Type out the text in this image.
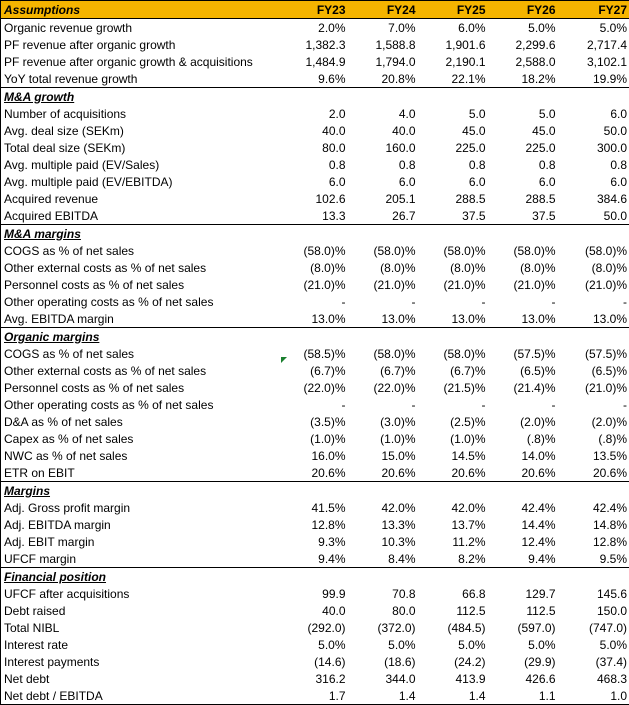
Assumptions	FY23	FY24	FY25	FY26	FY27
Organic revenue growth	2.0%	7.0%	6.0%	5.0%	5.0%
PF revenue after organic growth	1,382.3	1,588.8	1,901.6	2,299.6	2,717.4
PF revenue after organic growth & acquisitions	1,484.9	1,794.0	2,190.1	2,588.0	3,102.1
YoY total revenue growth	9.6%	20.8%	22.1%	18.2%	19.9%
M&A growth					
Number of acquisitions	2.0	4.0	5.0	5.0	6.0
Avg. deal size (SEKm)	40.0	40.0	45.0	45.0	50.0
Total deal size (SEKm)	80.0	160.0	225.0	225.0	300.0
Avg. multiple paid (EV/Sales)	0.8	0.8	0.8	0.8	0.8
Avg. multiple paid (EV/EBITDA)	6.0	6.0	6.0	6.0	6.0
Acquired revenue	102.6	205.1	288.5	288.5	384.6
Acquired EBITDA	13.3	26.7	37.5	37.5	50.0
M&A margins					
COGS as % of net sales	(58.0)%	(58.0)%	(58.0)%	(58.0)%	(58.0)%
Other external costs as % of net sales	(8.0)%	(8.0)%	(8.0)%	(8.0)%	(8.0)%
Personnel costs as % of net sales	(21.0)%	(21.0)%	(21.0)%	(21.0)%	(21.0)%
Other operating costs as % of net sales	-	-	-	-	-
Avg. EBITDA margin	13.0%	13.0%	13.0%	13.0%	13.0%
Organic margins					
COGS as % of net sales	(58.5)%	(58.0)%	(58.0)%	(57.5)%	(57.5)%
Other external costs as % of net sales	(6.7)%	(6.7)%	(6.7)%	(6.5)%	(6.5)%
Personnel costs as % of net sales	(22.0)%	(22.0)%	(21.5)%	(21.4)%	(21.0)%
Other operating costs as % of net sales	-	-	-	-	-
D&A as % of net sales	(3.5)%	(3.0)%	(2.5)%	(2.0)%	(2.0)%
Capex as % of net sales	(1.0)%	(1.0)%	(1.0)%	(.8)%	(.8)%
NWC as % of net sales	16.0%	15.0%	14.5%	14.0%	13.5%
ETR on EBIT	20.6%	20.6%	20.6%	20.6%	20.6%
Margins					
Adj. Gross profit margin	41.5%	42.0%	42.0%	42.4%	42.4%
Adj. EBITDA margin	12.8%	13.3%	13.7%	14.4%	14.8%
Adj. EBIT margin	9.3%	10.3%	11.2%	12.4%	12.8%
UFCF margin	9.4%	8.4%	8.2%	9.4%	9.5%
Financial position					
UFCF after acquisitions	99.9	70.8	66.8	129.7	145.6
Debt raised	40.0	80.0	112.5	112.5	150.0
Total NIBL	(292.0)	(372.0)	(484.5)	(597.0)	(747.0)
Interest rate	5.0%	5.0%	5.0%	5.0%	5.0%
Interest payments	(14.6)	(18.6)	(24.2)	(29.9)	(37.4)
Net debt	316.2	344.0	413.9	426.6	468.3
Net debt / EBITDA	1.7	1.4	1.4	1.1	1.0
